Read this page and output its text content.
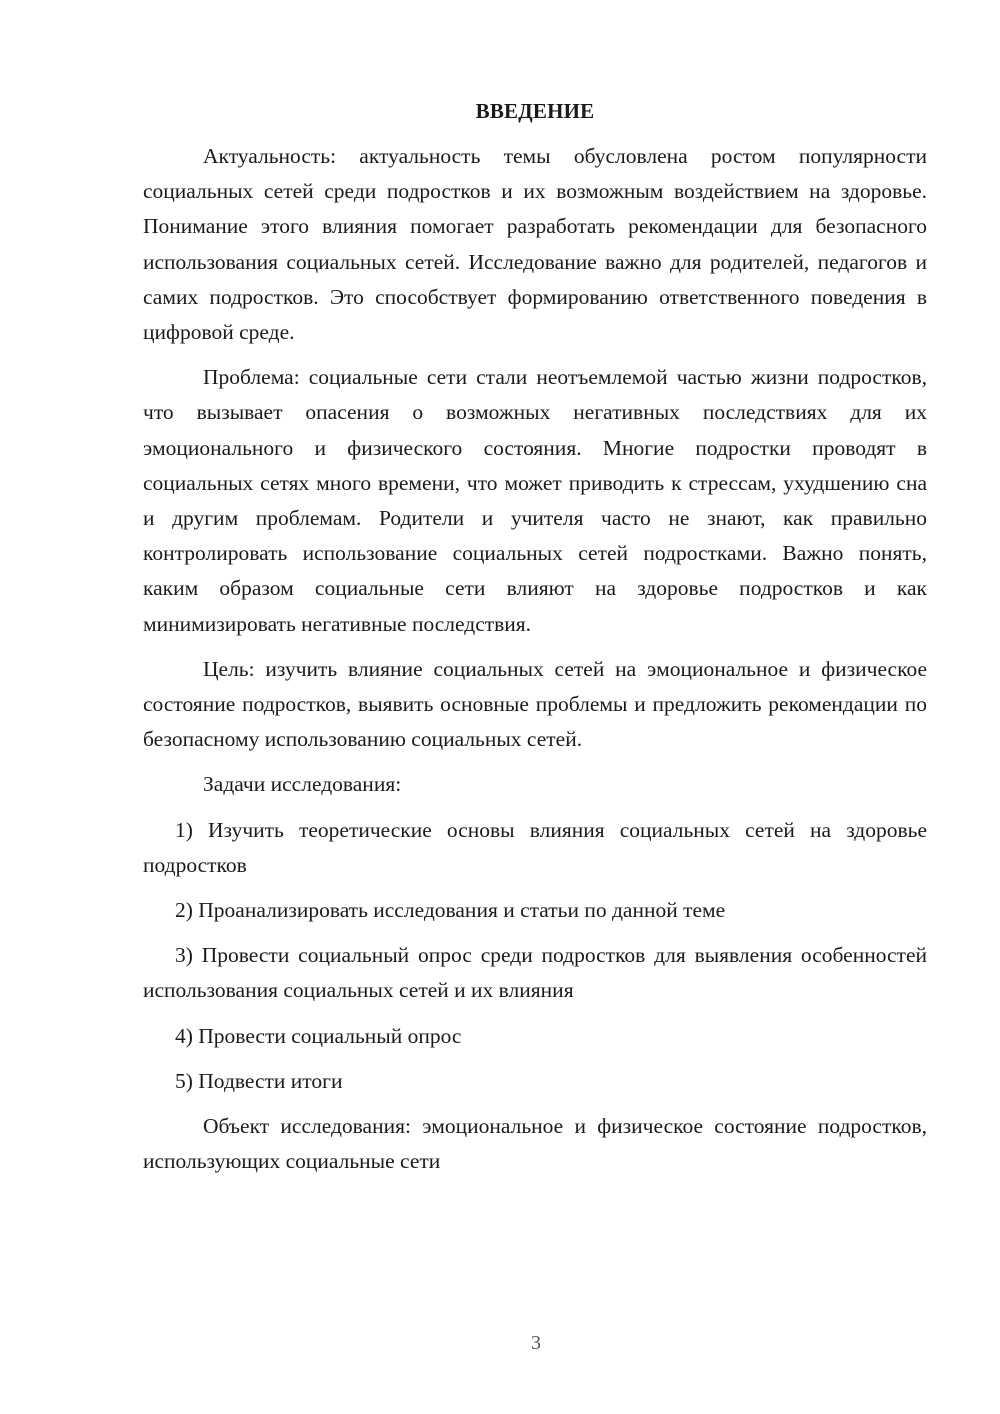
ВВЕДЕНИЕ

Актуальность: актуальность темы обусловлена ростом популярности социальных сетей среди подростков и их возможным воздействием на здоровье. Понимание этого влияния помогает разработать рекомендации для безопасного использования социальных сетей. Исследование важно для родителей, педагогов и самих подростков. Это способствует формированию ответственного поведения в цифровой среде.

Проблема: социальные сети стали неотъемлемой частью жизни подростков, что вызывает опасения о возможных негативных последствиях для их эмоционального и физического состояния. Многие подростки проводят в социальных сетях много времени, что может приводить к стрессам, ухудшению сна и другим проблемам. Родители и учителя часто не знают, как правильно контролировать использование социальных сетей подростками. Важно понять, каким образом социальные сети влияют на здоровье подростков и как минимизировать негативные последствия.

Цель: изучить влияние социальных сетей на эмоциональное и физическое состояние подростков, выявить основные проблемы и предложить рекомендации по безопасному использованию социальных сетей.

Задачи исследования:

1) Изучить теоретические основы влияния социальных сетей на здоровье подростков

2) Проанализировать исследования и статьи по данной теме

3) Провести социальный опрос среди подростков для выявления особенностей использования социальных сетей и их влияния

4) Провести социальный опрос

5) Подвести итоги

Объект исследования: эмоциональное и физическое состояние подростков, использующих социальные сети

3
